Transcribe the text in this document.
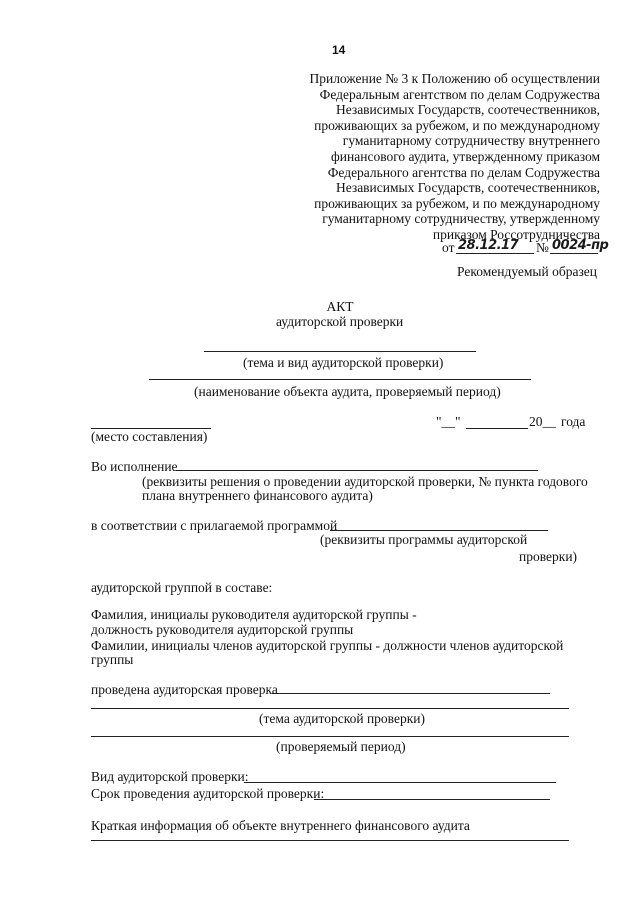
14
Приложение № 3 к Положению об осуществлении
Федеральным агентством по делам Содружества
Независимых Государств, соотечественников,
проживающих за рубежом, и по международному
гуманитарному сотрудничеству внутреннего
финансового аудита, утвержденному приказом
Федерального агентства по делам Содружества
Независимых Государств, соотечественников,
проживающих за рубежом, и по международному
гуманитарному сотрудничеству, утвержденному
приказом Россотрудничества
от 28.12.17 № 0024-пр
Рекомендуемый образец
АКТ
аудиторской проверки
(тема и вид аудиторской проверки)
(наименование объекта аудита, проверяемый период)
(место составления)
"__"	20__ года
Во исполнение
(реквизиты решения о проведении аудиторской проверки, № пункта годового
плана внутреннего финансового аудита)
в соответствии с прилагаемой программой
(реквизиты программы аудиторской
проверки)
аудиторской группой в составе:
Фамилия, инициалы руководителя аудиторской группы -
должность руководителя аудиторской группы
Фамилии, инициалы членов аудиторской группы - должности членов аудиторской
группы
проведена аудиторская проверка
(тема аудиторской проверки)
(проверяемый период)
Вид аудиторской проверки:
Срок проведения аудиторской проверки:
Краткая информация об объекте внутреннего финансового аудита
